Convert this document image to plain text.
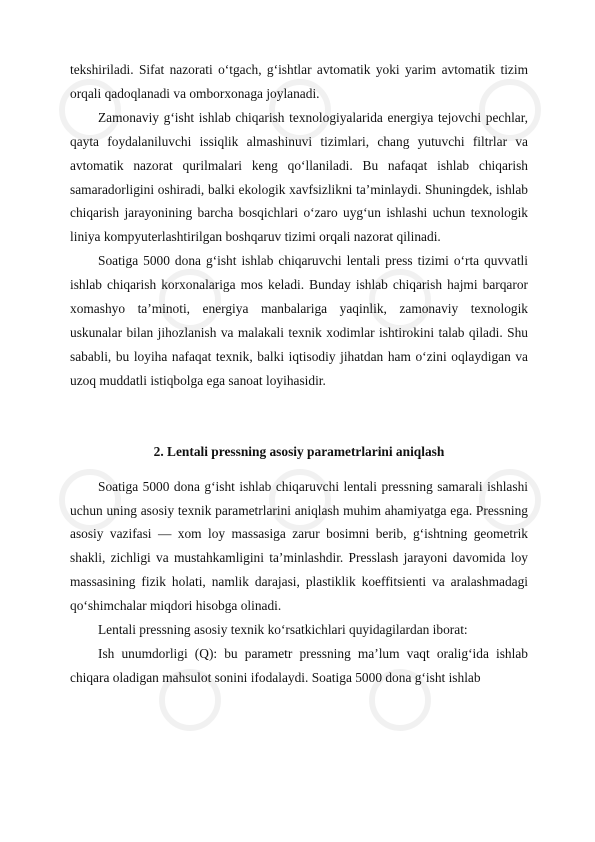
tekshiriladi. Sifat nazorati o‘tgach, g‘ishtlar avtomatik yoki yarim avtomatik tizim orqali qadoqlanadi va omborxonaga joylanadi.

Zamonaviy g‘isht ishlab chiqarish texnologiyalarida energiya tejovchi pechlar, qayta foydalaniluvchi issiqlik almashinuvi tizimlari, chang yutuvchi filtrlar va avtomatik nazorat qurilmalari keng qo‘llaniladi. Bu nafaqat ishlab chiqarish samaradorligini oshiradi, balki ekologik xavfsizlikni ta’minlaydi. Shuningdek, ishlab chiqarish jarayonining barcha bosqichlari o‘zaro uyg‘un ishlashi uchun texnologik liniya kompyuterlashtirilgan boshqaruv tizimi orqali nazorat qilinadi.

Soatiga 5000 dona g‘isht ishlab chiqaruvchi lentali press tizimi o‘rta quvvatli ishlab chiqarish korxonalariga mos keladi. Bunday ishlab chiqarish hajmi barqaror xomashyo ta’minoti, energiya manbalariga yaqinlik, zamonaviy texnologik uskunalar bilan jihozlanish va malakali texnik xodimlar ishtirokini talab qiladi. Shu sababli, bu loyiha nafaqat texnik, balki iqtisodiy jihatdan ham o‘zini oqlaydigan va uzoq muddatli istiqbolga ega sanoat loyihasidir.

2. Lentali pressning asosiy parametrlarini aniqlash

Soatiga 5000 dona g‘isht ishlab chiqaruvchi lentali pressning samarali ishlashi uchun uning asosiy texnik parametrlarini aniqlash muhim ahamiyatga ega. Pressning asosiy vazifasi — xom loy massasiga zarur bosimni berib, g‘ishtning geometrik shakli, zichligi va mustahkamligini ta’minlashdir. Presslash jarayoni davomida loy massasining fizik holati, namlik darajasi, plastiklik koeffitsienti va aralashmadagi qo‘shimchalar miqdori hisobga olinadi.

Lentali pressning asosiy texnik ko‘rsatkichlari quyidagilardan iborat:

Ish unumdorligi (Q): bu parametr pressning ma’lum vaqt oralig‘ida ishlab chiqara oladigan mahsulot sonini ifodalaydi. Soatiga 5000 dona g‘isht ishlab
